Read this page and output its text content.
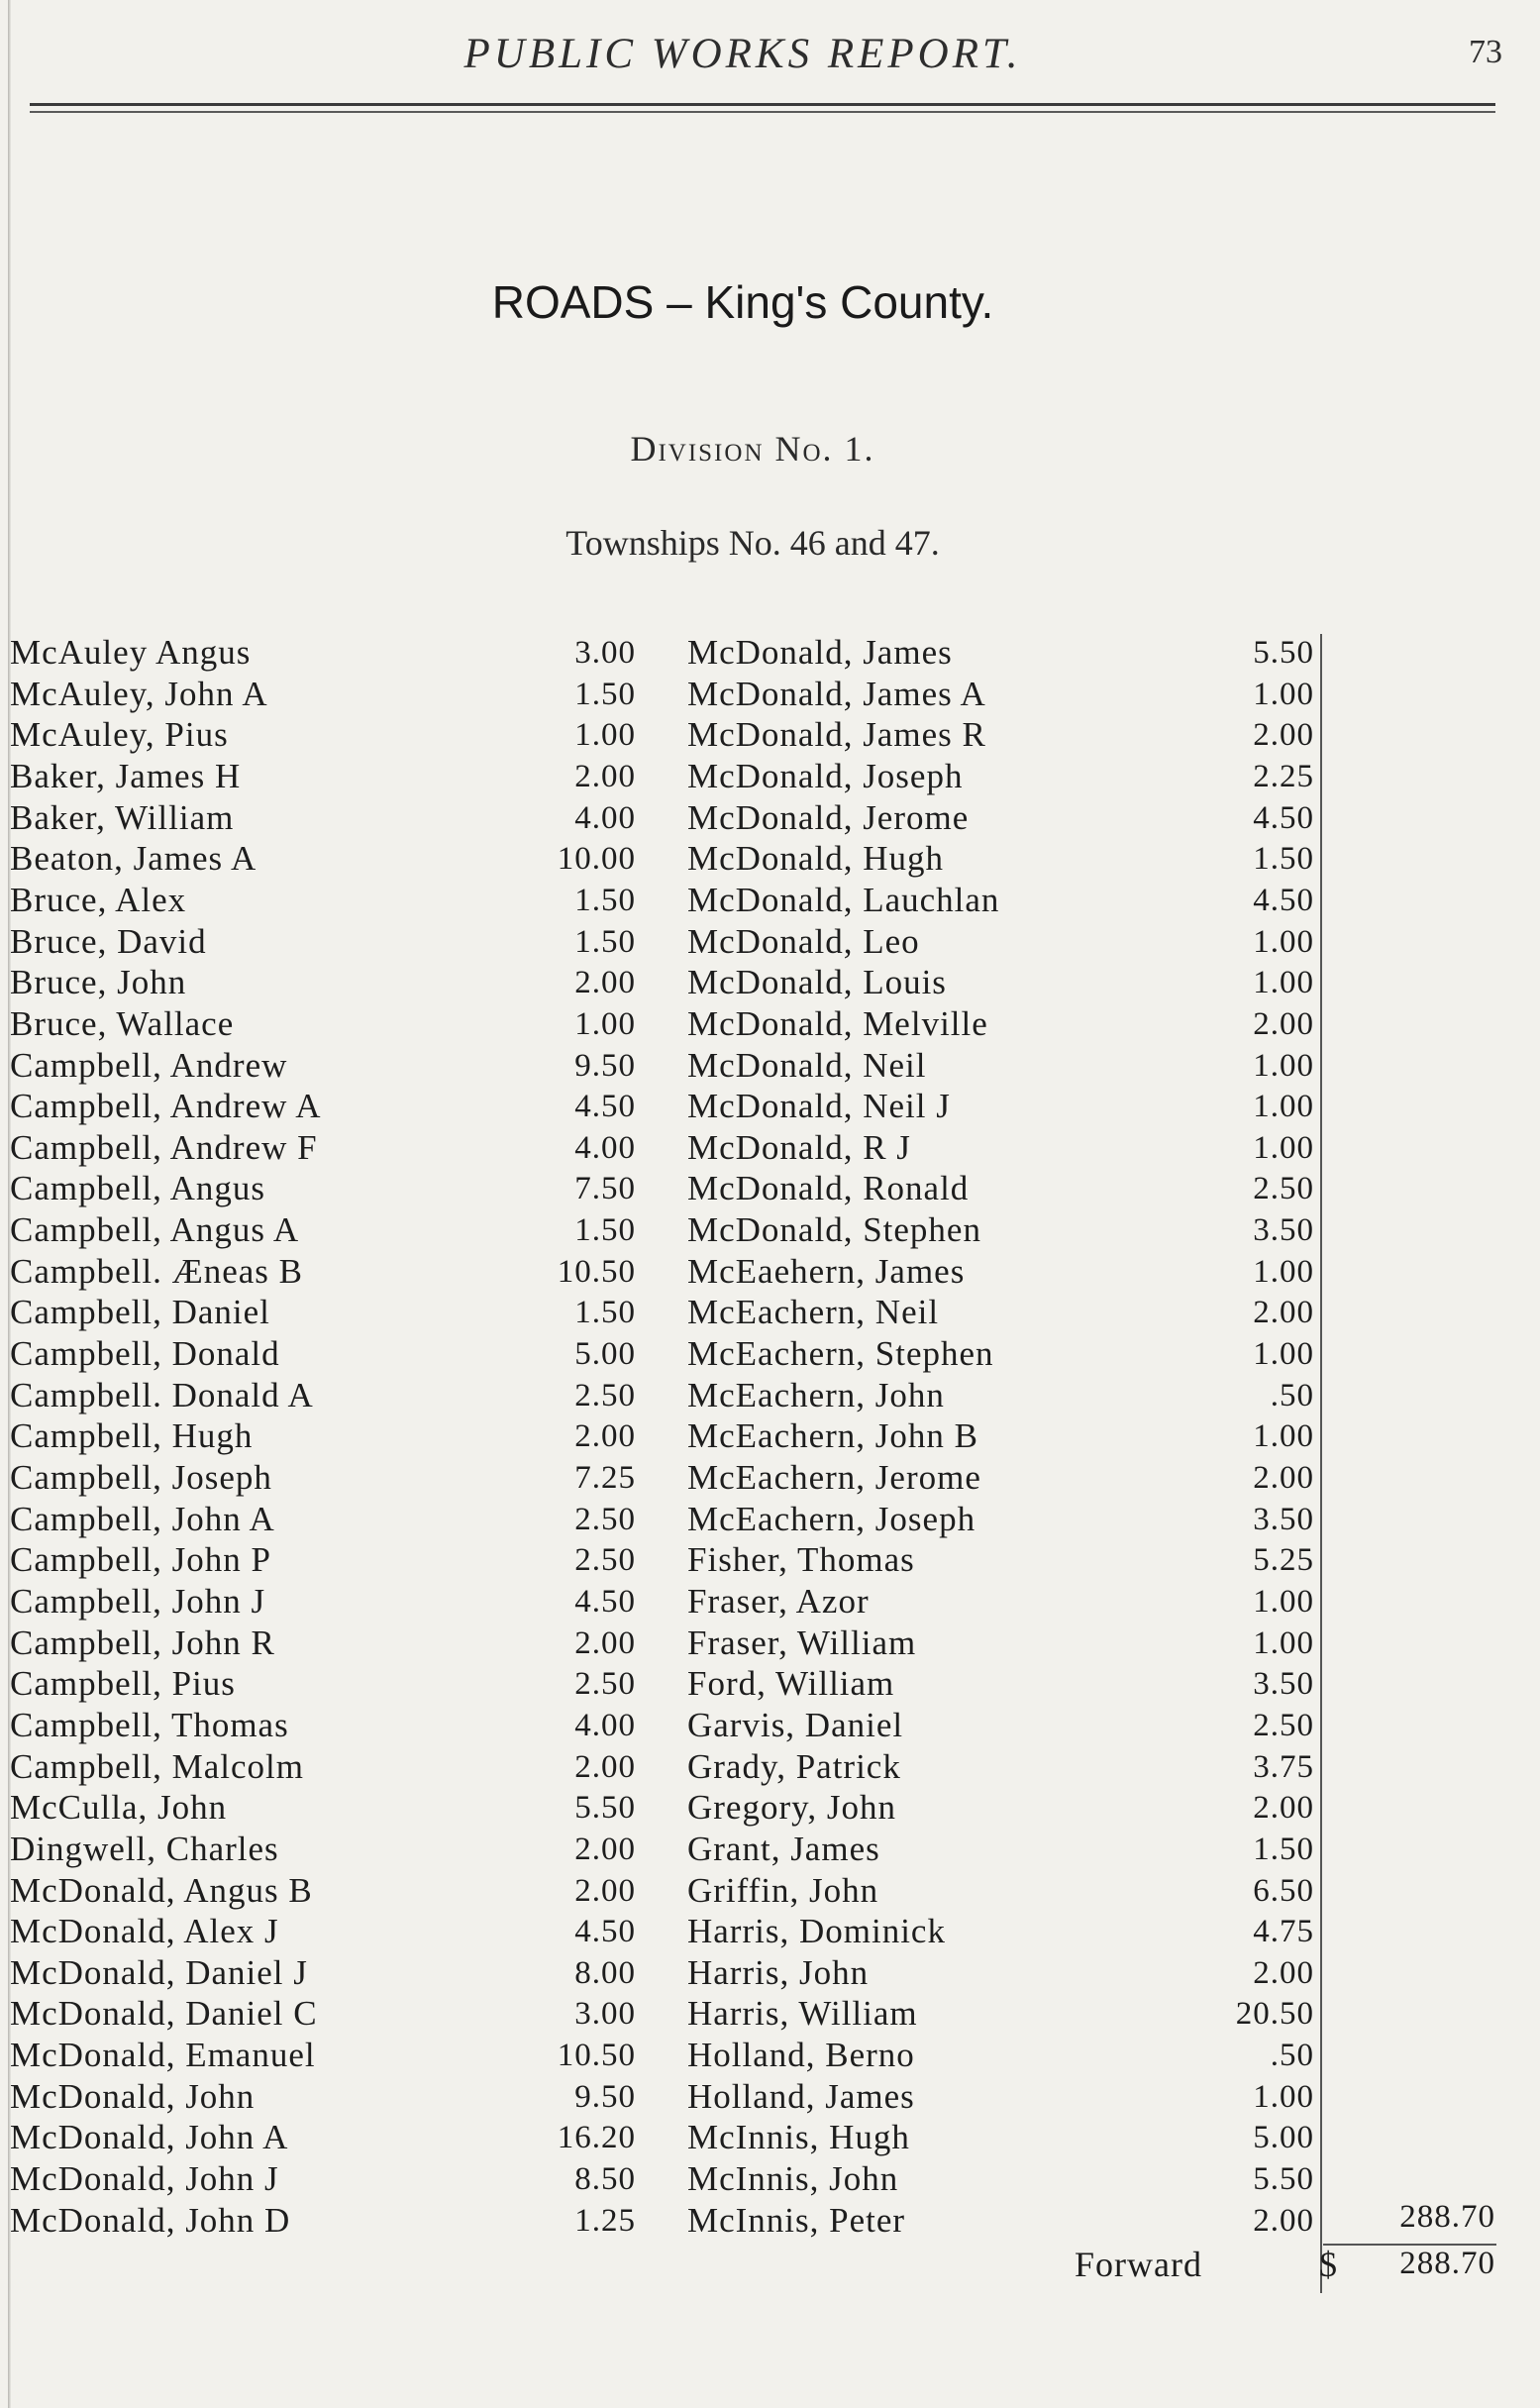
PUBLIC WORKS REPORT.	73
ROADS – King's County.
Division No. 1.
Townships No. 46 and 47.
McAuley Angus	3.00 McDonald, James	5.50
McAuley, John A	1.50 McDonald, James A	1.00
McAuley, Pius	1.00 McDonald, James R	2.00
Baker, James H	2.00 McDonald, Joseph	2.25
Baker, William	4.00 McDonald, Jerome	4.50
Beaton, James A	10.00 McDonald, Hugh	1.50
Bruce, Alex	1.50 McDonald, Lauchlan	4.50
Bruce, David	1.50 McDonald, Leo	1.00
Bruce, John	2.00 McDonald, Louis	1.00
Bruce, Wallace	1.00 McDonald, Melville	2.00
Campbell, Andrew	9.50 McDonald, Neil	1.00
Campbell, Andrew A	4.50 McDonald, Neil J	1.00
Campbell, Andrew F	4.00 McDonald, R J	1.00
Campbell, Angus	7.50 McDonald, Ronald	2.50
Campbell, Angus A	1.50 McDonald, Stephen	3.50
Campbell. Æneas B	10.50 McEaehern, James	1.00
Campbell, Daniel	1.50 McEachern, Neil	2.00
Campbell, Donald	5.00 McEachern, Stephen	1.00
Campbell. Donald A	2.50 McEachern, John	.50
Campbell, Hugh	2.00 McEachern, John B	1.00
Campbell, Joseph	7.25 McEachern, Jerome	2.00
Campbell, John A	2.50 McEachern, Joseph	3.50
Campbell, John P	2.50 Fisher, Thomas	5.25
Campbell, John J	4.50 Fraser, Azor	1.00
Campbell, John R	2.00 Fraser, William	1.00
Campbell, Pius	2.50 Ford, William	3.50
Campbell, Thomas	4.00 Garvis, Daniel	2.50
Campbell, Malcolm	2.00 Grady, Patrick	3.75
McCulla, John	5.50 Gregory, John	2.00
Dingwell, Charles	2.00 Grant, James	1.50
McDonald, Angus B	2.00 Griffin, John	6.50
McDonald, Alex J	4.50 Harris, Dominick	4.75
McDonald, Daniel J	8.00 Harris, John	2.00
McDonald, Daniel C	3.00 Harris, William	20.50
McDonald, Emanuel	10.50 Holland, Berno	.50
McDonald, John	9.50 Holland, James	1.00
McDonald, John A	16.20 McInnis, Hugh	5.00
McDonald, John J	8.50 McInnis, John	5.50
McDonald, John D	1.25 McInnis, Peter	2.00	288.70
Forward	$ 288.70
